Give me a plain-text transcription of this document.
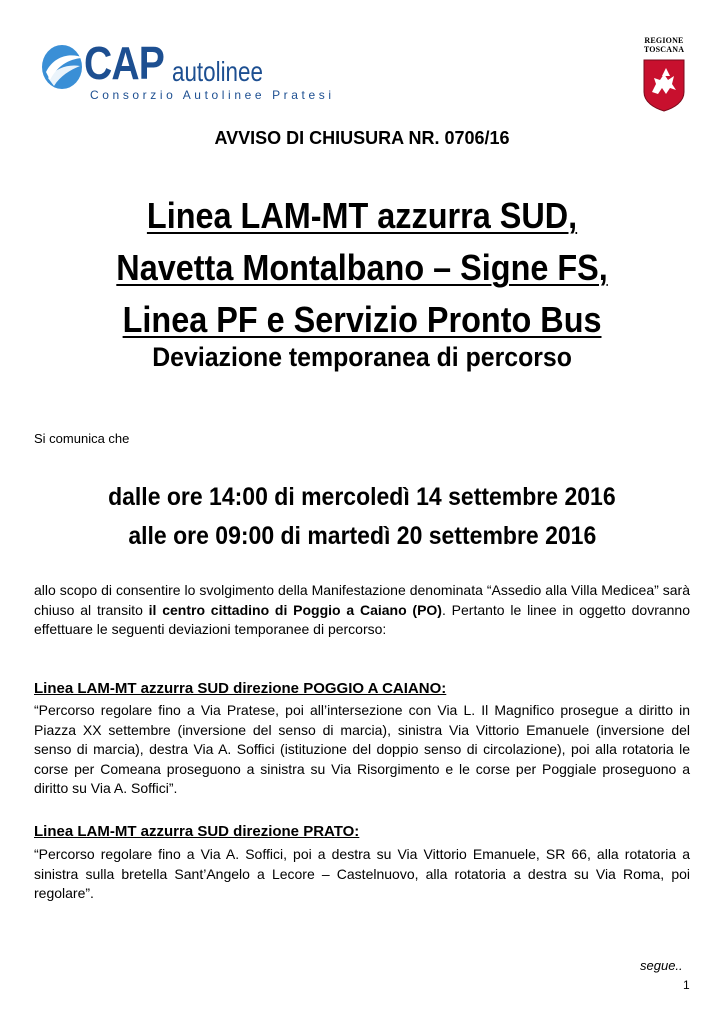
CAP autolinee
Consorzio Autolinee Pratesi
REGIONE
TOSCANA
AVVISO DI CHIUSURA NR. 0706/16
Linea LAM-MT azzurra SUD,
Navetta Montalbano – Signe FS,
Linea PF e Servizio Pronto Bus
Deviazione temporanea di percorso
Si comunica che
dalle ore 14:00 di mercoledì 14 settembre 2016
alle ore 09:00 di martedì 20 settembre 2016
allo scopo di consentire lo svolgimento della Manifestazione denominata “Assedio alla Villa Medicea” sarà chiuso al transito il centro cittadino di Poggio a Caiano (PO). Pertanto le linee in oggetto dovranno effettuare le seguenti deviazioni temporanee di percorso:
Linea LAM-MT azzurra SUD direzione POGGIO A CAIANO:
“Percorso regolare fino a Via Pratese, poi all’intersezione con Via L. Il Magnifico prosegue a diritto in Piazza XX settembre (inversione del senso di marcia), sinistra Via Vittorio Emanuele (inversione del senso di marcia), destra Via A. Soffici (istituzione del doppio senso di circolazione), poi alla rotatoria le corse per Comeana proseguono a sinistra su Via Risorgimento e le corse per Poggiale proseguono a diritto su Via A. Soffici”.
Linea LAM-MT azzurra SUD direzione PRATO:
“Percorso regolare fino a Via A. Soffici, poi a destra su Via Vittorio Emanuele, SR 66, alla rotatoria a sinistra sulla bretella Sant’Angelo a Lecore – Castelnuovo, alla rotatoria a destra su Via Roma, poi regolare”.
segue..
1
